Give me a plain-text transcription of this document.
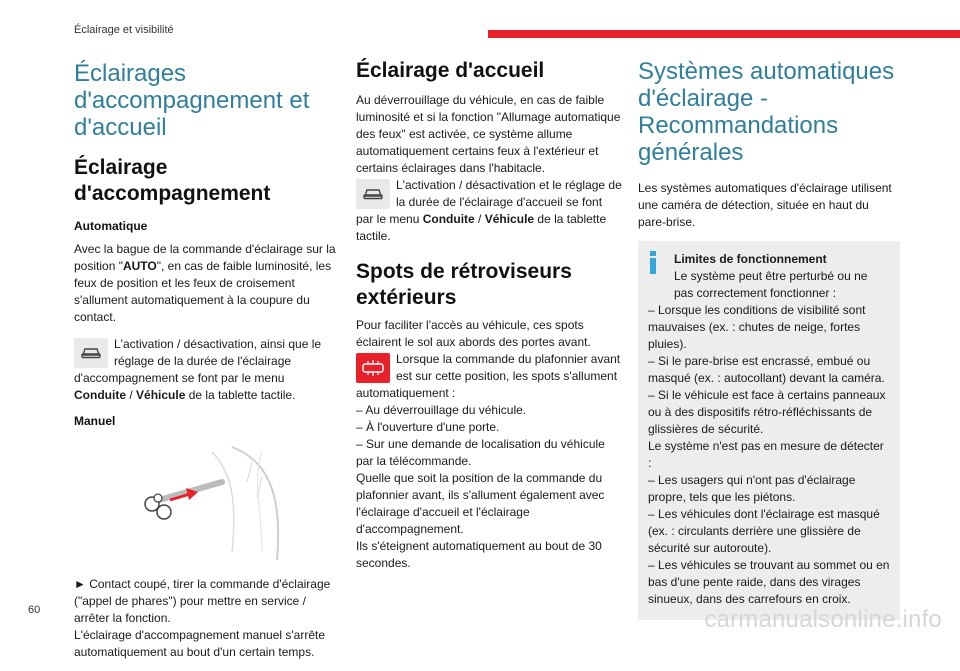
Éclairage et visibilité
Éclairages d'accompagnement et d'accueil
Éclairage d'accompagnement
Automatique

Avec la bague de la commande d'éclairage sur la position "AUTO", en cas de faible luminosité, les feux de position et les feux de croisement s'allument automatiquement à la coupure du contact.

L'activation / désactivation, ainsi que le réglage de la durée de l'éclairage d'accompagnement se font par le menu Conduite / Véhicule de la tablette tactile.
Manuel

► Contact coupé, tirer la commande d'éclairage ("appel de phares") pour mettre en service / arrêter la fonction.

L'éclairage d'accompagnement manuel s'arrête automatiquement au bout d'un certain temps.

Éclairage d'accueil

Au déverrouillage du véhicule, en cas de faible luminosité et si la fonction "Allumage automatique des feux" est activée, ce système allume automatiquement certains feux à l'extérieur et certains éclairages dans l'habitacle.

L'activation / désactivation et le réglage de la durée de l'éclairage d'accueil se font par le menu Conduite / Véhicule de la tablette tactile.
Spots de rétroviseurs extérieurs

Pour faciliter l'accès au véhicule, ces spots éclairent le sol aux abords des portes avant.

Lorsque la commande du plafonnier avant est sur cette position, les spots s'allument automatiquement :
– Au déverrouillage du véhicule.
– À l'ouverture d'une porte.
– Sur une demande de localisation du véhicule par la télécommande.

Quelle que soit la position de la commande du plafonnier avant, ils s'allument également avec l'éclairage d'accueil et l'éclairage d'accompagnement.

Ils s'éteignent automatiquement au bout de 30 secondes.

Systèmes automatiques d'éclairage - Recommandations générales

Les systèmes automatiques d'éclairage utilisent une caméra de détection, située en haut du pare-brise.

Limites de fonctionnement
Le système peut être perturbé ou ne pas correctement fonctionner :
– Lorsque les conditions de visibilité sont mauvaises (ex. : chutes de neige, fortes pluies).
– Si le pare-brise est encrassé, embué ou masqué (ex. : autocollant) devant la caméra.
– Si le véhicule est face à certains panneaux ou à des dispositifs rétro-réfléchissants de glissières de sécurité.
Le système n'est pas en mesure de détecter :
– Les usagers qui n'ont pas d'éclairage propre, tels que les piétons.
– Les véhicules dont l'éclairage est masqué (ex. : circulants derrière une glissière de sécurité sur autoroute).
– Les véhicules se trouvant au sommet ou en bas d'une pente raide, dans des virages sinueux, dans des carrefours en croix.
60	carmanualsonline.info
